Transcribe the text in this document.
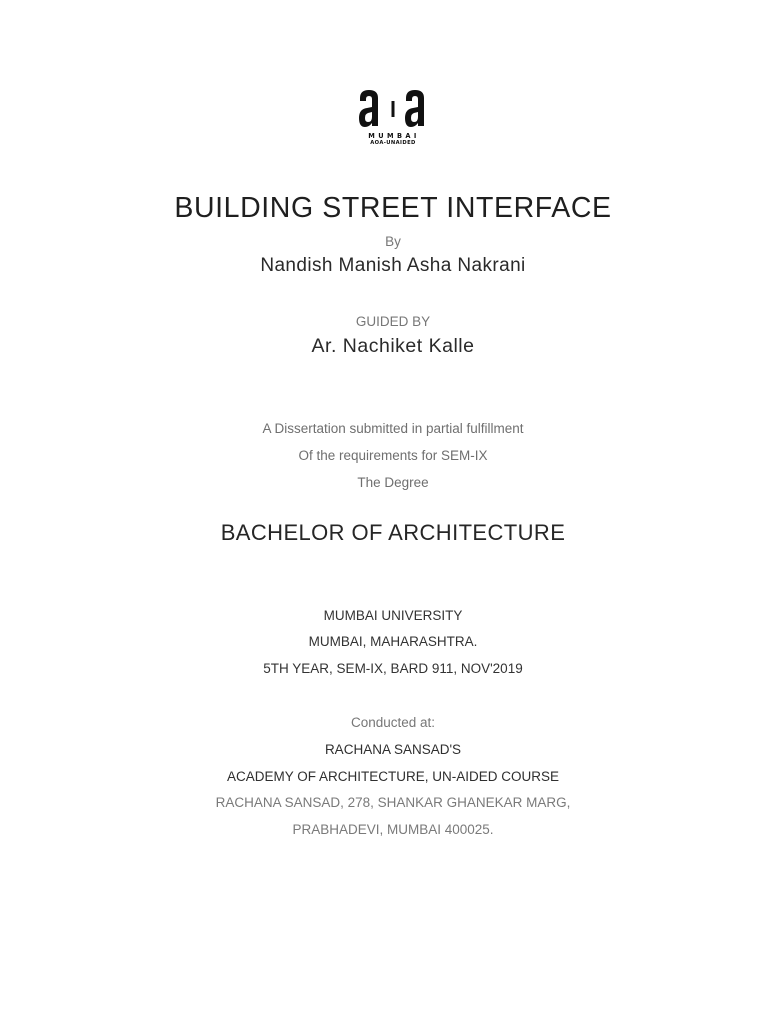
MUMBAI
AOA-UNAIDED
BUILDING STREET INTERFACE
By
Nandish Manish Asha Nakrani
GUIDED BY
Ar. Nachiket Kalle
A Dissertation submitted in partial fulfillment
Of the requirements for SEM-IX
The Degree
BACHELOR OF ARCHITECTURE
MUMBAI UNIVERSITY
MUMBAI, MAHARASHTRA.
5TH YEAR, SEM-IX, BARD 911, NOV'2019
Conducted at:
RACHANA SANSAD'S
ACADEMY OF ARCHITECTURE, UN-AIDED COURSE
RACHANA SANSAD, 278, SHANKAR GHANEKAR MARG,
PRABHADEVI, MUMBAI 400025.
